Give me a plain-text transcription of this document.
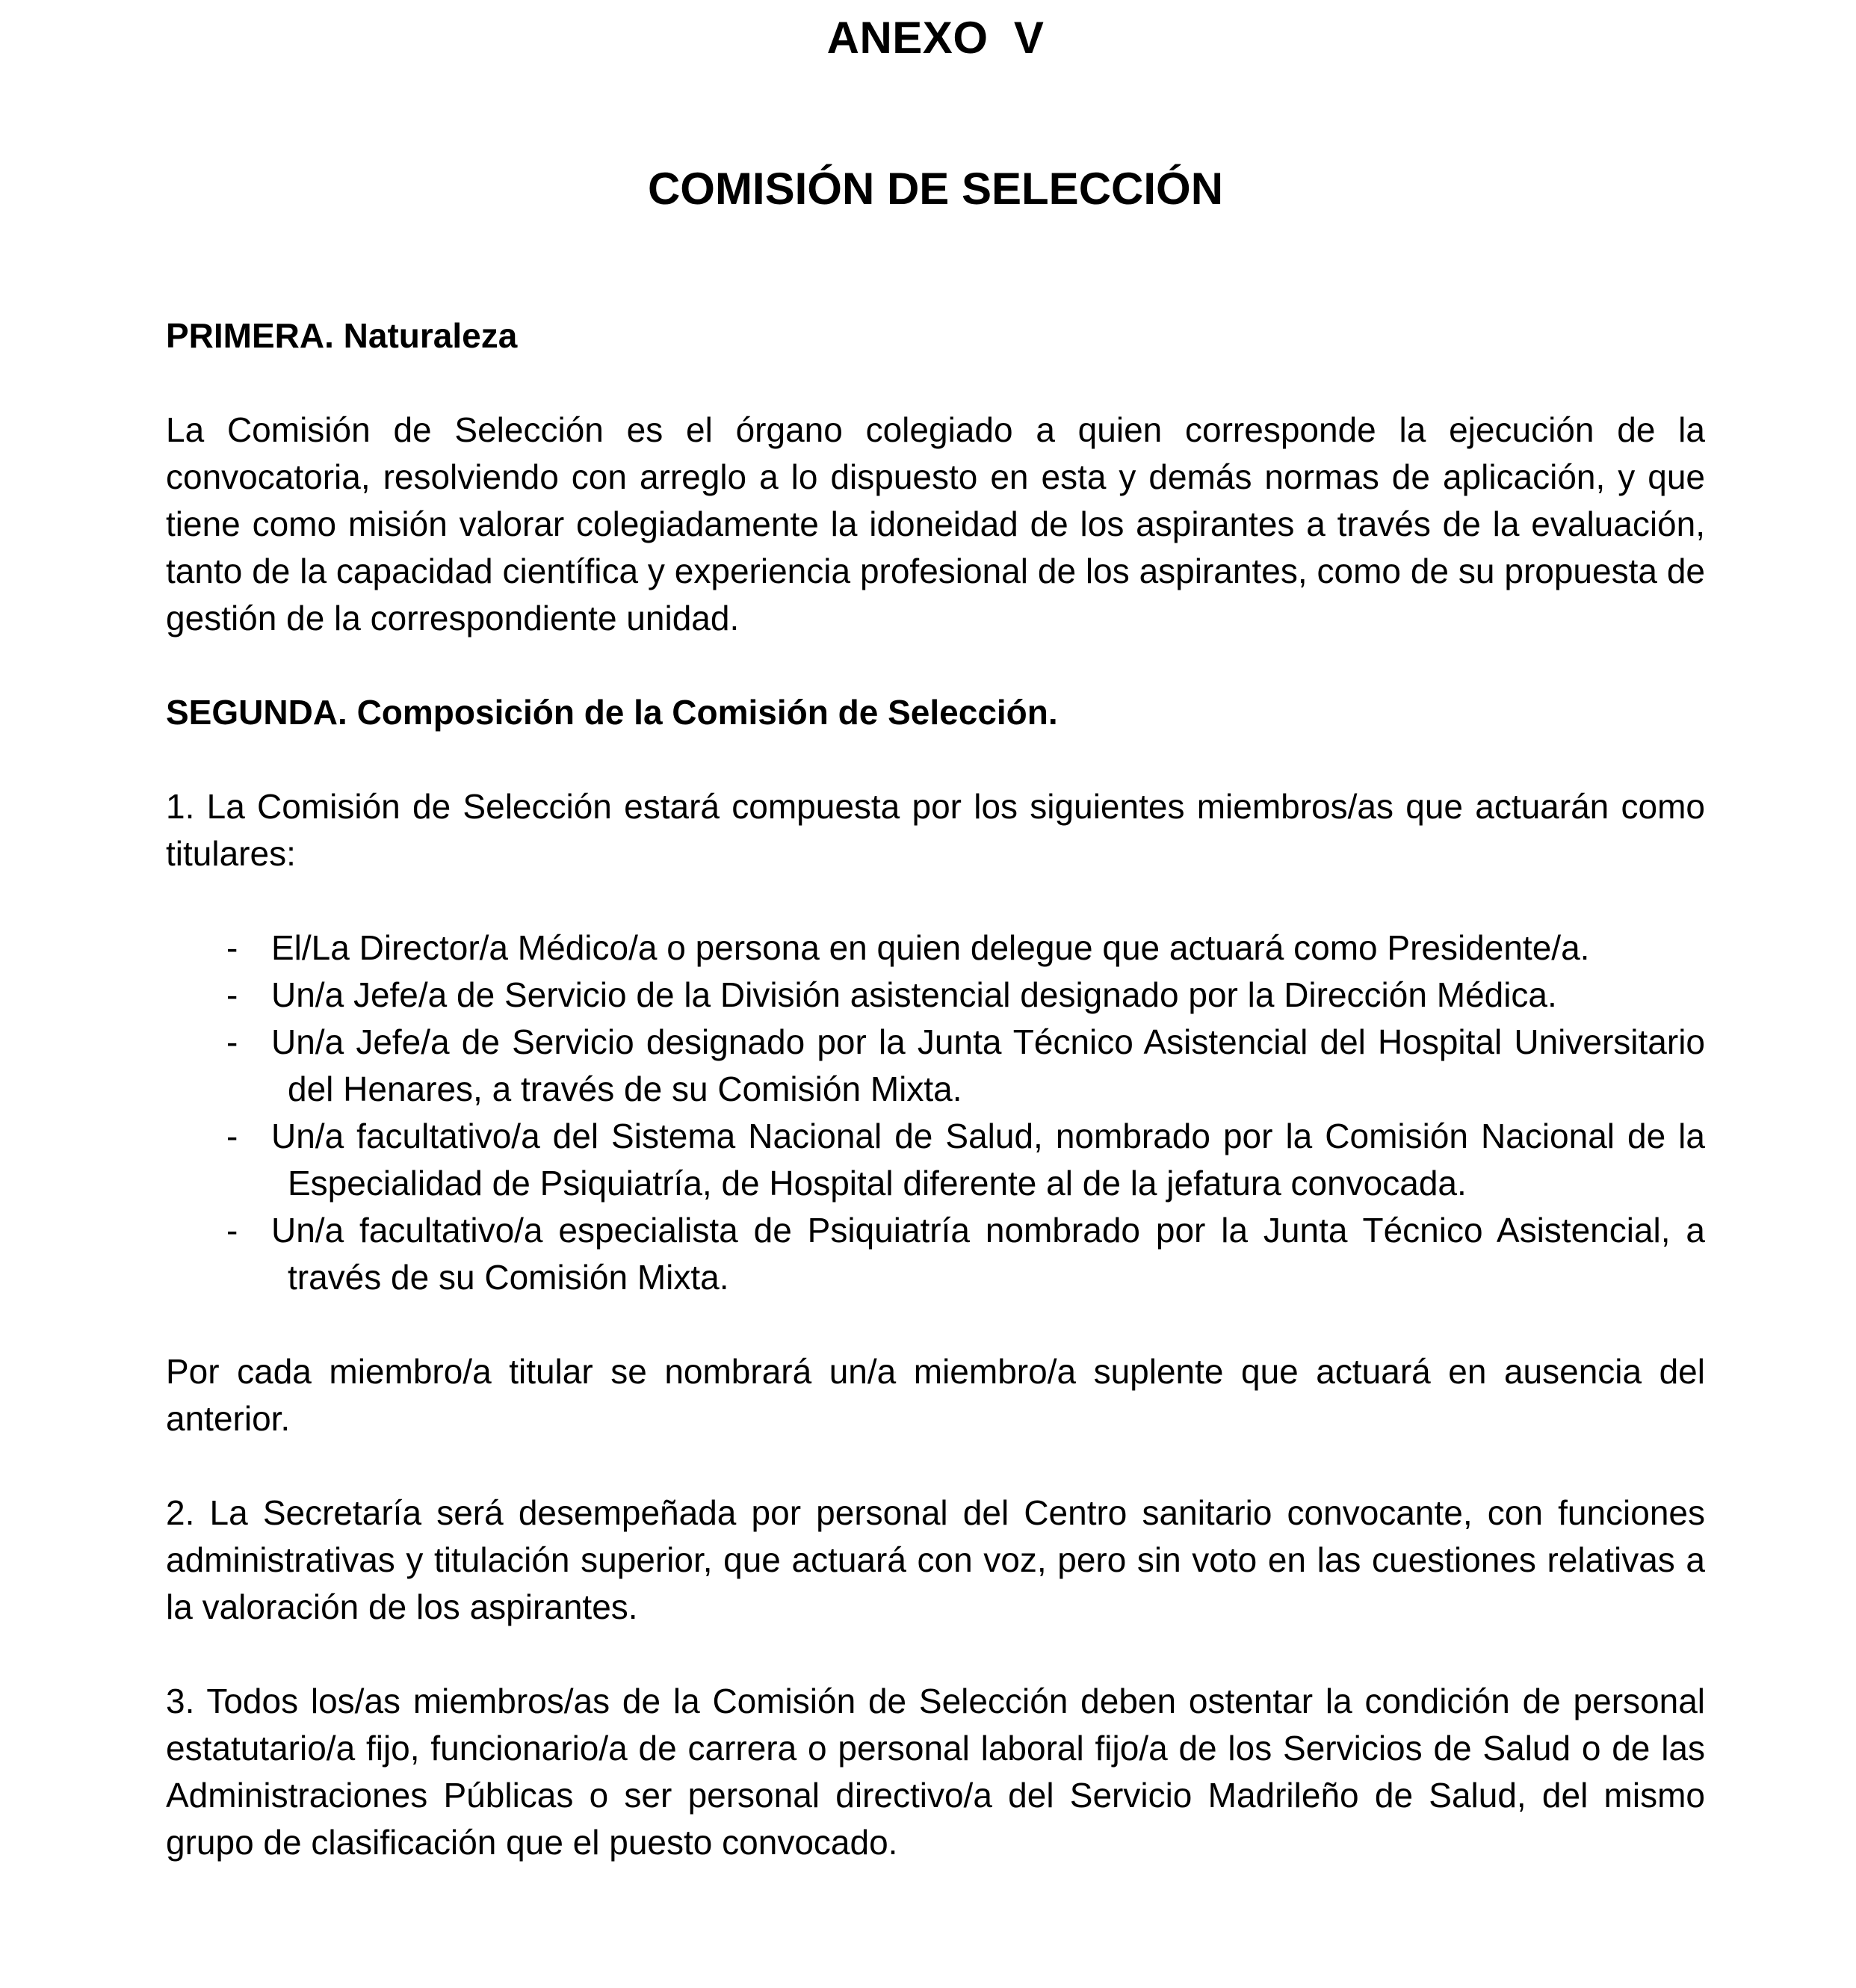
ANEXO  V
COMISIÓN DE SELECCIÓN
PRIMERA. Naturaleza

La Comisión de Selección es el órgano colegiado a quien corresponde la ejecución de la convocatoria, resolviendo con arreglo a lo dispuesto en esta y demás normas de aplicación, y que tiene como misión valorar colegiadamente la idoneidad de los aspirantes a través de la evaluación, tanto de la capacidad científica y experiencia profesional de los aspirantes, como de su propuesta de gestión de la correspondiente unidad.

SEGUNDA. Composición de la Comisión de Selección.

1. La Comisión de Selección estará compuesta por los siguientes miembros/as que actuarán como titulares:

- El/La Director/a Médico/a o persona en quien delegue que actuará como Presidente/a.
- Un/a Jefe/a de Servicio de la División asistencial designado por la Dirección Médica.
- Un/a Jefe/a de Servicio designado por la Junta Técnico Asistencial del Hospital Universitario del Henares, a través de su Comisión Mixta.
- Un/a facultativo/a del Sistema Nacional de Salud, nombrado por la Comisión Nacional de la Especialidad de Psiquiatría, de Hospital diferente al de la jefatura convocada.
- Un/a facultativo/a especialista de Psiquiatría nombrado por la Junta Técnico Asistencial, a través de su Comisión Mixta.

Por cada miembro/a titular se nombrará un/a miembro/a suplente que actuará en ausencia del anterior.

2. La Secretaría será desempeñada por personal del Centro sanitario convocante, con funciones administrativas y titulación superior, que actuará con voz, pero sin voto en las cuestiones relativas a la valoración de los aspirantes.

3. Todos los/as miembros/as de la Comisión de Selección deben ostentar la condición de personal estatutario/a fijo, funcionario/a de carrera o personal laboral fijo/a de los Servicios de Salud o de las Administraciones Públicas o ser personal directivo/a del Servicio Madrileño de Salud, del mismo grupo de clasificación que el puesto convocado.
